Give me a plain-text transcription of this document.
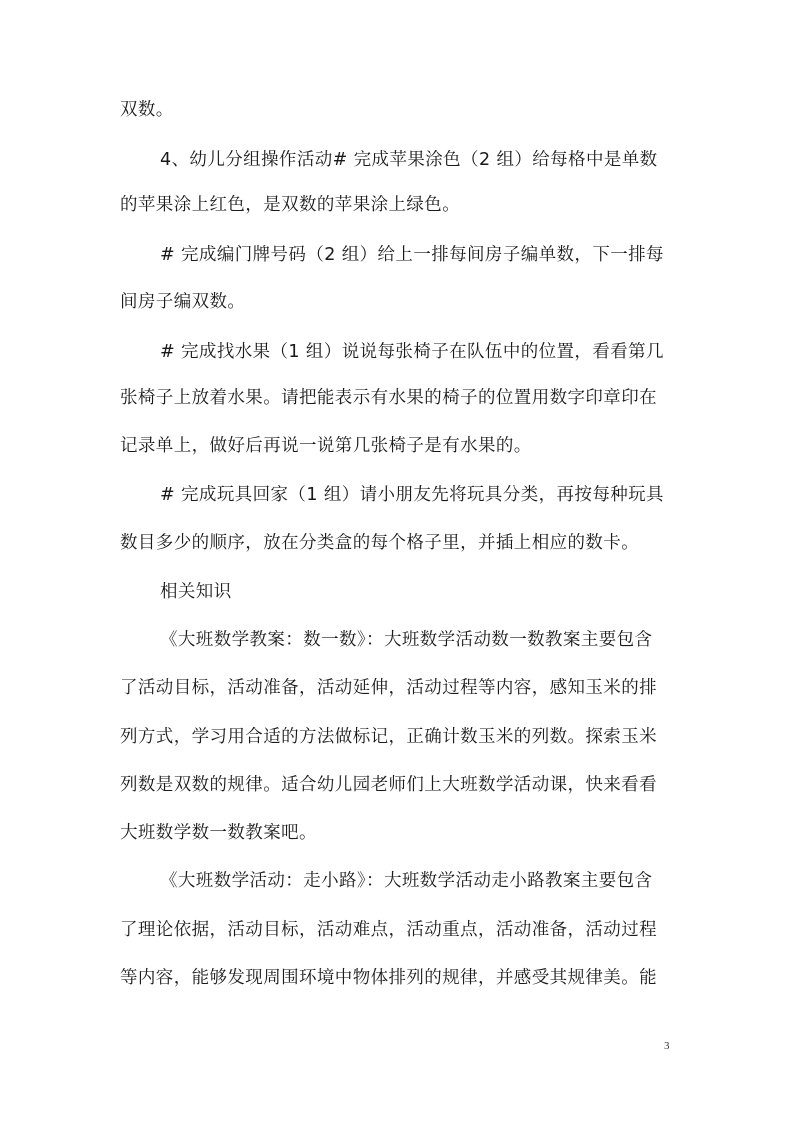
双数。
4、幼儿分组操作活动# 完成苹果涂色（2 组）给每格中是单数
的苹果涂上红色，是双数的苹果涂上绿色。
# 完成编门牌号码（2 组）给上一排每间房子编单数，下一排每
间房子编双数。
# 完成找水果（1 组）说说每张椅子在队伍中的位置，看看第几
张椅子上放着水果。请把能表示有水果的椅子的位置用数字印章印在
记录单上，做好后再说一说第几张椅子是有水果的。
# 完成玩具回家（1 组）请小朋友先将玩具分类，再按每种玩具
数目多少的顺序，放在分类盒的每个格子里，并插上相应的数卡。
相关知识
《大班数学教案：数一数》：大班数学活动数一数教案主要包含
了活动目标，活动准备，活动延伸，活动过程等内容，感知玉米的排
列方式，学习用合适的方法做标记，正确计数玉米的列数。探索玉米
列数是双数的规律。适合幼儿园老师们上大班数学活动课，快来看看
大班数学数一数教案吧。
《大班数学活动：走小路》：大班数学活动走小路教案主要包含
了理论依据，活动目标，活动难点，活动重点，活动准备，活动过程
等内容，能够发现周围环境中物体排列的规律，并感受其规律美。能
3
